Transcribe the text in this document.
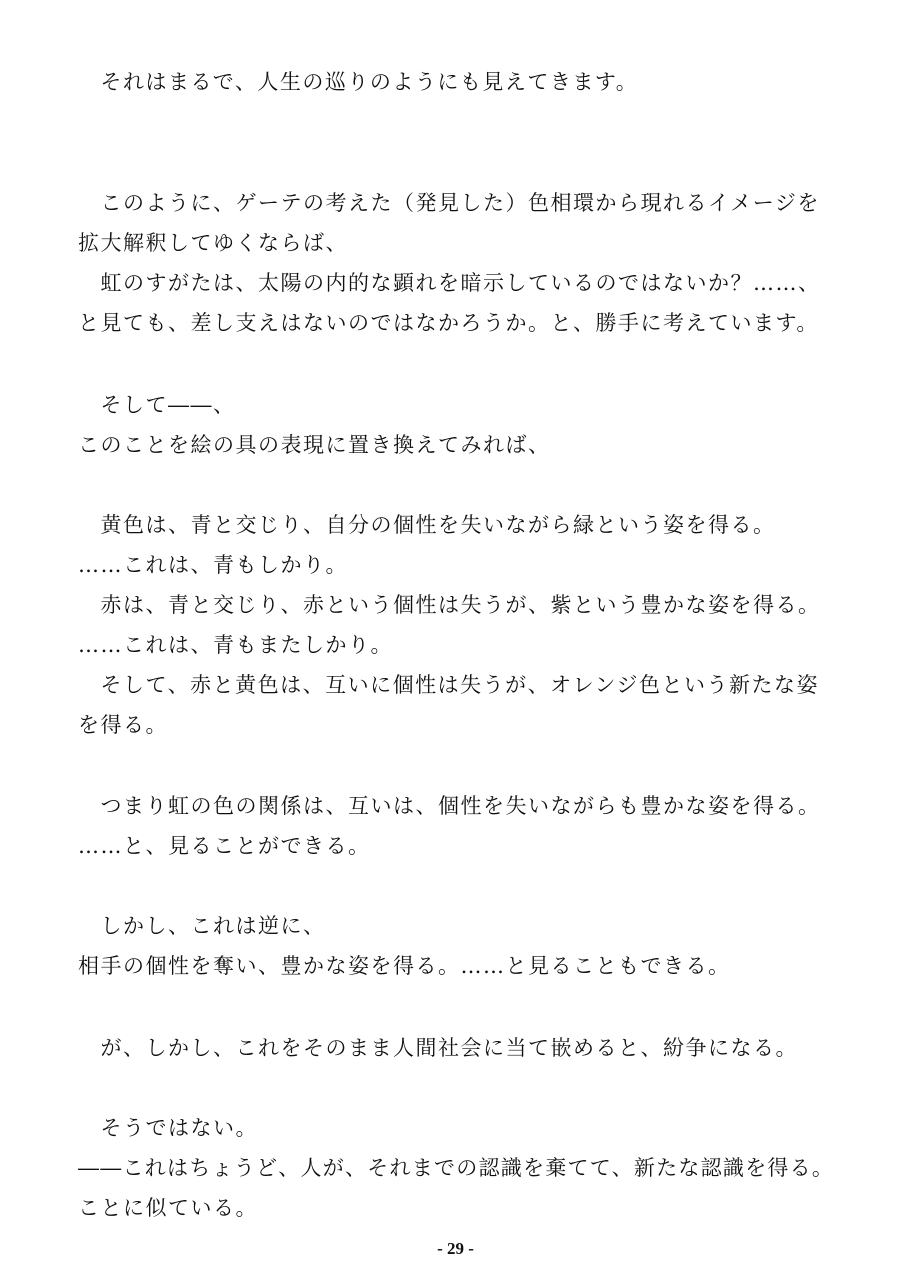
　それはまるで、人生の巡りのようにも見えてきます。
　このように、ゲーテの考えた（発見した）色相環から現れるイメージを
拡大解釈してゆくならば、
　虹のすがたは、太陽の内的な顕れを暗示しているのではないか？……、
と見ても、差し支えはないのではなかろうか。と、勝手に考えています。
　そして――、
このことを絵の具の表現に置き換えてみれば、
　黄色は、青と交じり、自分の個性を失いながら緑という姿を得る。
……これは、青もしかり。
　赤は、青と交じり、赤という個性は失うが、紫という豊かな姿を得る。
……これは、青もまたしかり。
　そして、赤と黄色は、互いに個性は失うが、オレンジ色という新たな姿
を得る。
　つまり虹の色の関係は、互いは、個性を失いながらも豊かな姿を得る。
……と、見ることができる。
　しかし、これは逆に、
相手の個性を奪い、豊かな姿を得る。……と見ることもできる。
　が、しかし、これをそのまま人間社会に当て嵌めると、紛争になる。
　そうではない。
――これはちょうど、人が、それまでの認識を棄てて、新たな認識を得る。
ことに似ている。
- 29 -
